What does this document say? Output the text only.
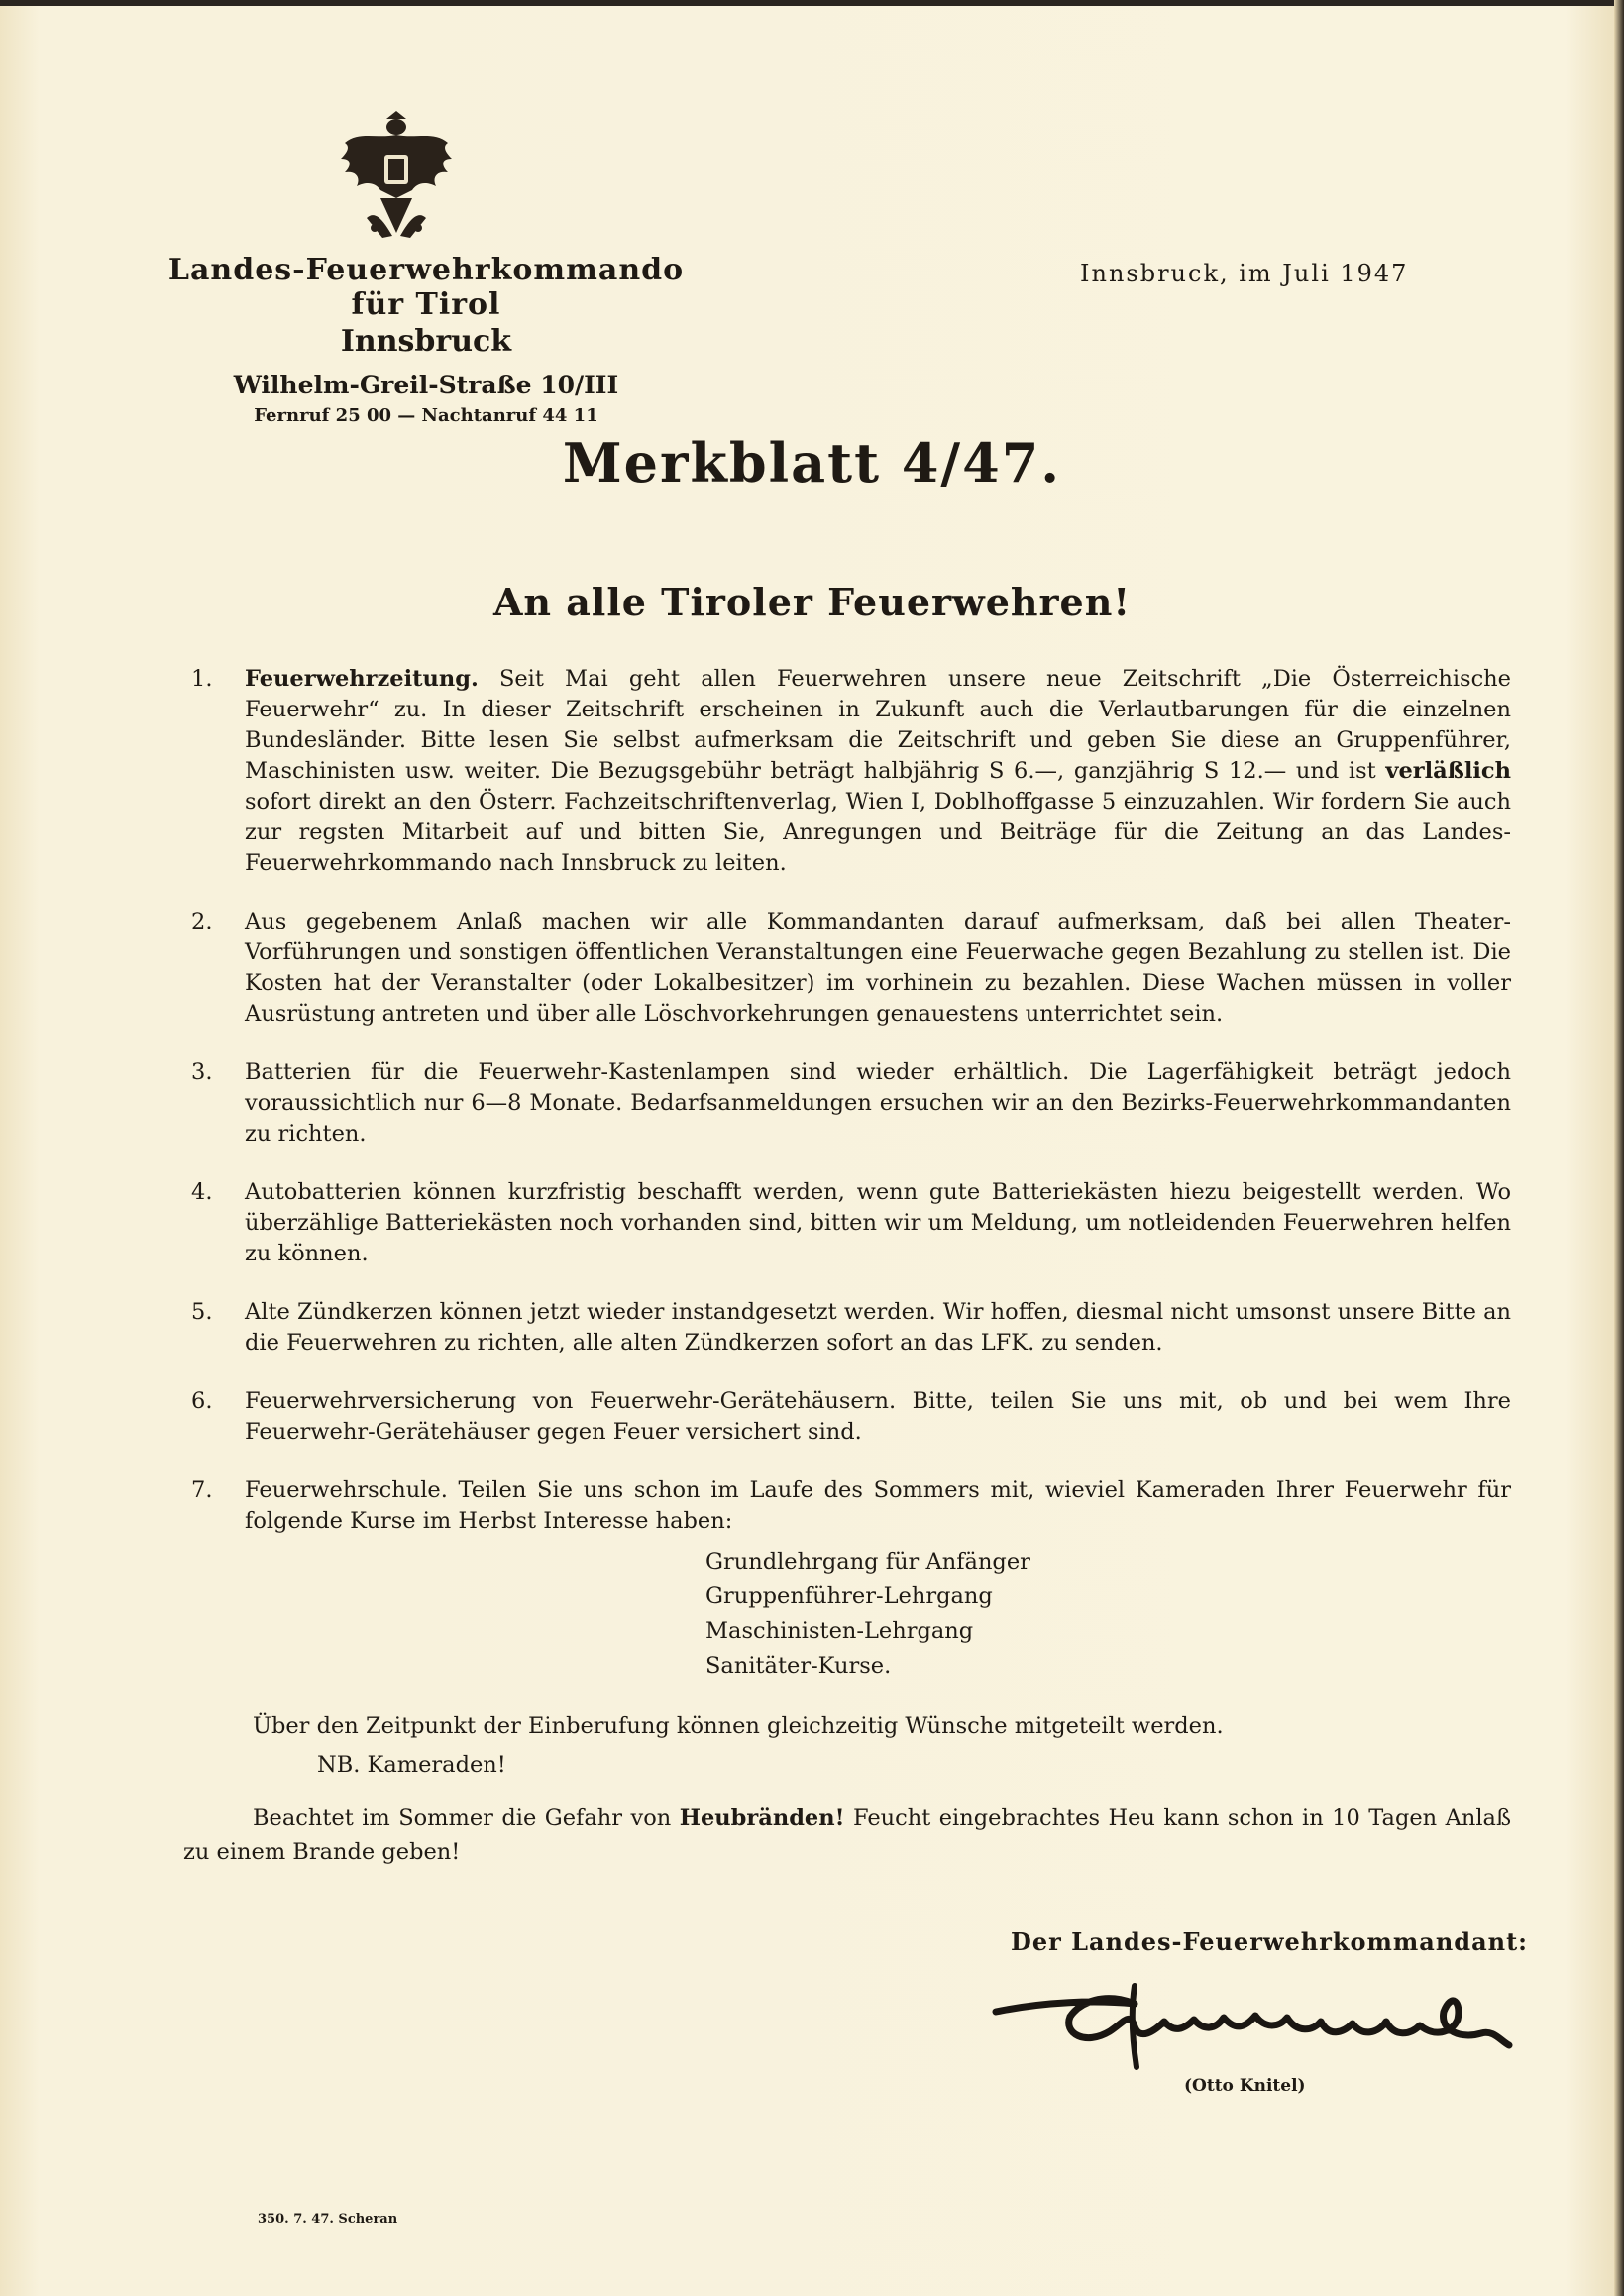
Landes-Feuerwehrkommando für Tirol

Innsbruck

Wilhelm-Greil-Straße 10/III

Fernruf 25 00 — Nachtanruf 44 11

Innsbruck, im Juli 1947
Merkblatt 4/47.
An alle Tiroler Feuerwehren!
1.	Feuerwehrzeitung. Seit Mai geht allen Feuerwehren unsere neue Zeitschrift „Die Österreichische Feuerwehr“ zu. In dieser Zeitschrift erscheinen in Zukunft auch die Verlautbarungen für die einzelnen Bundesländer. Bitte lesen Sie selbst aufmerksam die Zeitschrift und geben Sie diese an Gruppenführer, Maschinisten usw. weiter. Die Bezugsgebühr beträgt halbjährig S 6.—, ganzjährig S 12.— und ist verläßlich sofort direkt an den Österr. Fachzeitschriftenverlag, Wien I, Doblhoffgasse 5 einzuzahlen. Wir fordern Sie auch zur regsten Mitarbeit auf und bitten Sie, Anregungen und Beiträge für die Zeitung an das Landes-Feuerwehrkommando nach Innsbruck zu leiten.
2.	Aus gegebenem Anlaß machen wir alle Kommandanten darauf aufmerksam, daß bei allen Theater-Vorführungen und sonstigen öffentlichen Veranstaltungen eine Feuerwache gegen Bezahlung zu stellen ist. Die Kosten hat der Veranstalter (oder Lokalbesitzer) im vorhinein zu bezahlen. Diese Wachen müssen in voller Ausrüstung antreten und über alle Löschvorkehrungen genauestens unterrichtet sein.
3.	Batterien für die Feuerwehr-Kastenlampen sind wieder erhältlich. Die Lagerfähigkeit beträgt jedoch voraussichtlich nur 6—8 Monate. Bedarfsanmeldungen ersuchen wir an den Bezirks-Feuerwehrkommandanten zu richten.
4.	Autobatterien können kurzfristig beschafft werden, wenn gute Batteriekästen hiezu beigestellt werden. Wo überzählige Batteriekästen noch vorhanden sind, bitten wir um Meldung, um notleidenden Feuerwehren helfen zu können.
5.	Alte Zündkerzen können jetzt wieder instandgesetzt werden. Wir hoffen, diesmal nicht umsonst unsere Bitte an die Feuerwehren zu richten, alle alten Zündkerzen sofort an das LFK. zu senden.
6.	Feuerwehrversicherung von Feuerwehr-Gerätehäusern. Bitte, teilen Sie uns mit, ob und bei wem Ihre Feuerwehr-Gerätehäuser gegen Feuer versichert sind.
7.	Feuerwehrschule. Teilen Sie uns schon im Laufe des Sommers mit, wieviel Kameraden Ihrer Feuerwehr für folgende Kurse im Herbst Interesse haben:
Grundlehrgang für Anfänger
Gruppenführer-Lehrgang
Maschinisten-Lehrgang
Sanitäter-Kurse.
Über den Zeitpunkt der Einberufung können gleichzeitig Wünsche mitgeteilt werden.
NB. Kameraden!
Beachtet im Sommer die Gefahr von Heubränden! Feucht eingebrachtes Heu kann schon in 10 Tagen Anlaß zu einem Brande geben!
Der Landes-Feuerwehrkommandant:
(Otto Knitel)
350. 7. 47. Scheran
